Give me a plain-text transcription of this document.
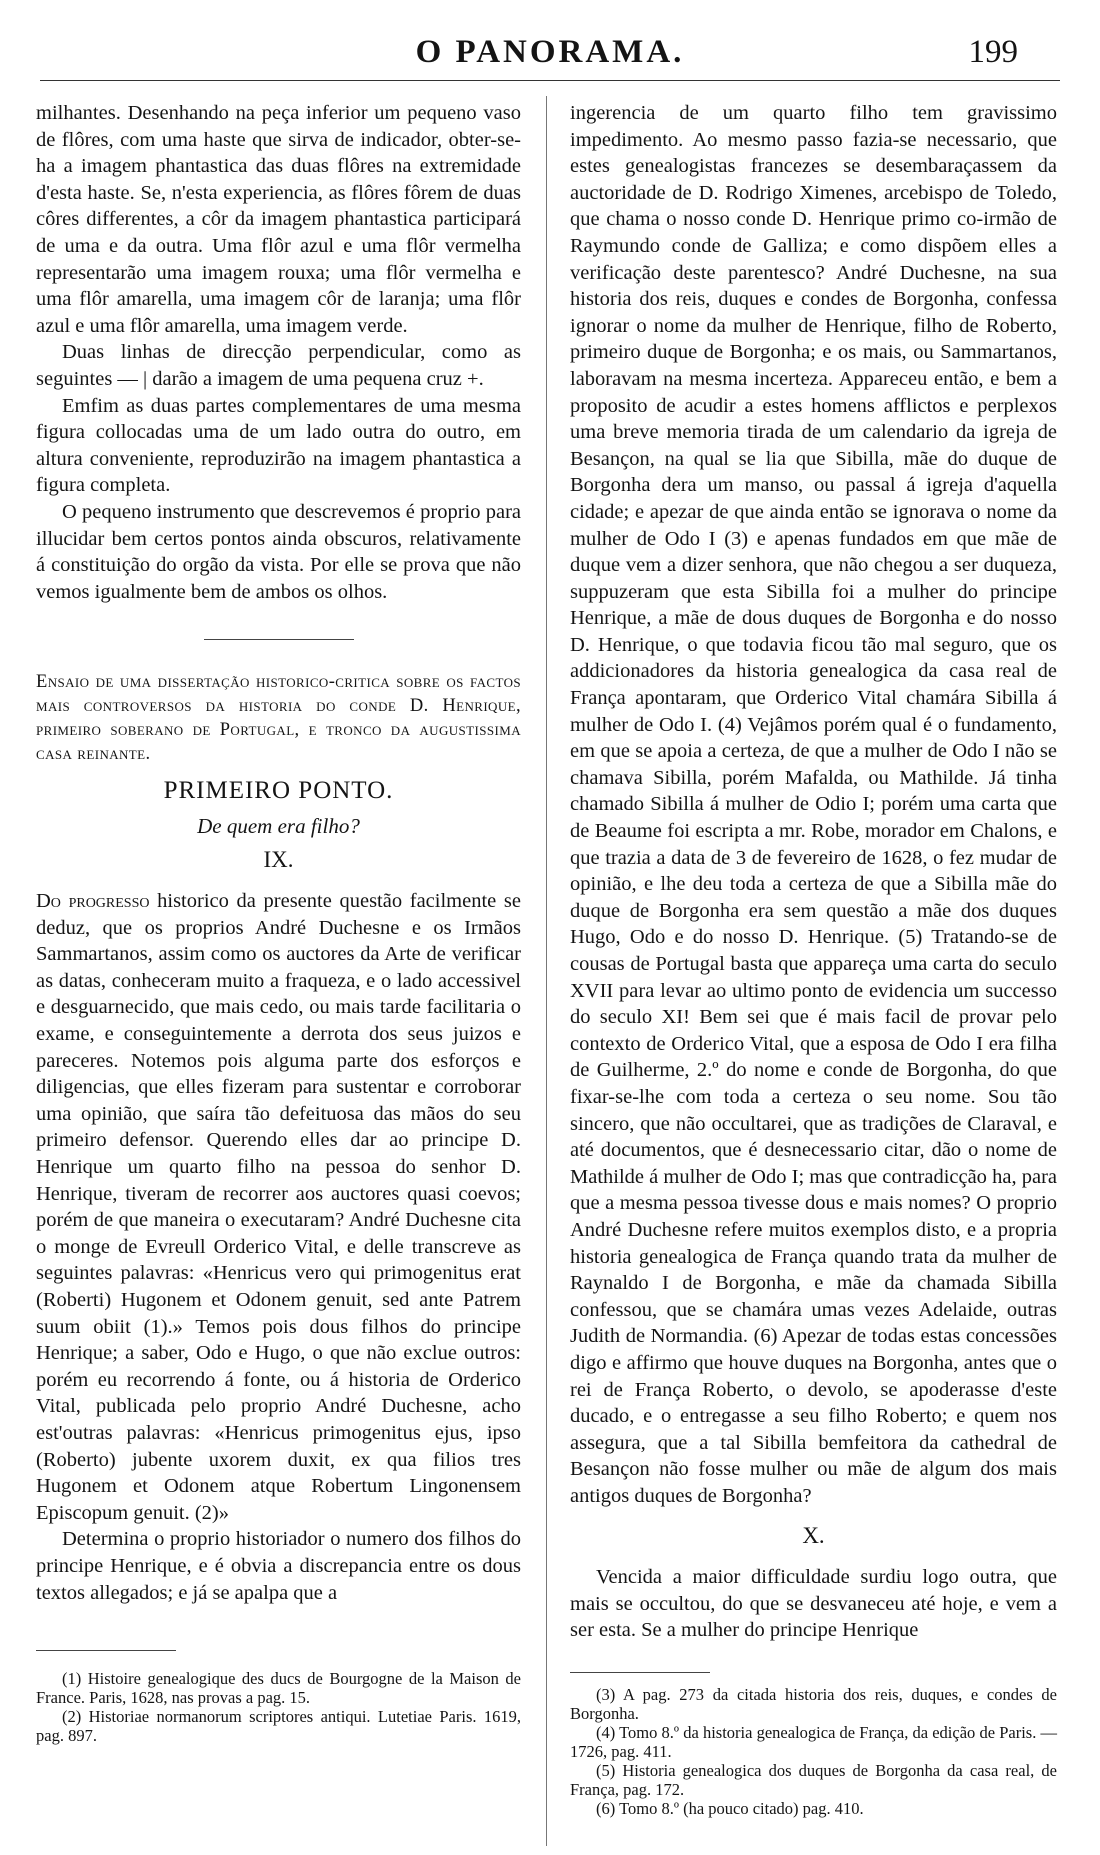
O PANORAMA.	199

milhantes. Desenhando na peça inferior um pequeno vaso de flôres, com uma haste que sirva de indicador, obter-se-ha a imagem phantastica das duas flôres na extremidade d'esta haste. Se, n'esta experiencia, as flôres fôrem de duas côres differentes, a côr da imagem phantastica participará de uma e da outra. Uma flôr azul e uma flôr vermelha representarão uma imagem rouxa; uma flôr vermelha e uma flôr amarella, uma imagem côr de laranja; uma flôr azul e uma flôr amarella, uma imagem verde.

Duas linhas de direcção perpendicular, como as seguintes — | darão a imagem de uma pequena cruz +.

Emfim as duas partes complementares de uma mesma figura collocadas uma de um lado outra do outro, em altura conveniente, reproduzirão na imagem phantastica a figura completa.

O pequeno instrumento que descrevemos é proprio para illucidar bem certos pontos ainda obscuros, relativamente á constituição do orgão da vista. Por elle se prova que não vemos igualmente bem de ambos os olhos.

Ensaio de uma dissertação historico-critica sobre os factos mais controversos da historia do conde D. Henrique, primeiro soberano de Portugal, e tronco da augustissima casa reinante.

PRIMEIRO PONTO.
De quem era filho?
IX.

Do progresso historico da presente questão facilmente se deduz, que os proprios André Duchesne e os Irmãos Sammartanos, assim como os auctores da Arte de verificar as datas, conheceram muito a fraqueza, e o lado accessivel e desguarnecido, que mais cedo, ou mais tarde facilitaria o exame, e conseguintemente a derrota dos seus juizos e pareceres. Notemos pois alguma parte dos esforços e diligencias, que elles fizeram para sustentar e corroborar uma opinião, que saíra tão defeituosa das mãos do seu primeiro defensor. Querendo elles dar ao principe D. Henrique um quarto filho na pessoa do senhor D. Henrique, tiveram de recorrer aos auctores quasi coevos; porém de que maneira o executaram? André Duchesne cita o monge de Evreull Orderico Vital, e delle transcreve as seguintes palavras: «Henricus vero qui primogenitus erat (Roberti) Hugonem et Odonem genuit, sed ante Patrem suum obiit (1).» Temos pois dous filhos do principe Henrique; a saber, Odo e Hugo, o que não exclue outros: porém eu recorrendo á fonte, ou á historia de Orderico Vital, publicada pelo proprio André Duchesne, acho est'outras palavras: «Henricus primogenitus ejus, ipso (Roberto) jubente uxorem duxit, ex qua filios tres Hugonem et Odonem atque Robertum Lingonensem Episcopum genuit. (2)»

Determina o proprio historiador o numero dos filhos do principe Henrique, e é obvia a discrepancia entre os dous textos allegados; e já se apalpa que a

(1) Histoire genealogique des ducs de Bourgogne de la Maison de France. Paris, 1628, nas provas a pag. 15.

(2) Historiae normanorum scriptores antiqui. Lutetiae Paris. 1619, pag. 897.

ingerencia de um quarto filho tem gravissimo impedimento. Ao mesmo passo fazia-se necessario, que estes genealogistas francezes se desembaraçassem da auctoridade de D. Rodrigo Ximenes, arcebispo de Toledo, que chama o nosso conde D. Henrique primo co-irmão de Raymundo conde de Galliza; e como dispõem elles a verificação deste parentesco? André Duchesne, na sua historia dos reis, duques e condes de Borgonha, confessa ignorar o nome da mulher de Henrique, filho de Roberto, primeiro duque de Borgonha; e os mais, ou Sammartanos, laboravam na mesma incerteza. Appareceu então, e bem a proposito de acudir a estes homens afflictos e perplexos uma breve memoria tirada de um calendario da igreja de Besançon, na qual se lia que Sibilla, mãe do duque de Borgonha dera um manso, ou passal á igreja d'aquella cidade; e apezar de que ainda então se ignorava o nome da mulher de Odo I (3) e apenas fundados em que mãe de duque vem a dizer senhora, que não chegou a ser duqueza, suppuzeram que esta Sibilla foi a mulher do principe Henrique, a mãe de dous duques de Borgonha e do nosso D. Henrique, o que todavia ficou tão mal seguro, que os addicionadores da historia genealogica da casa real de França apontaram, que Orderico Vital chamára Sibilla á mulher de Odo I. (4) Vejâmos porém qual é o fundamento, em que se apoia a certeza, de que a mulher de Odo I não se chamava Sibilla, porém Mafalda, ou Mathilde. Já tinha chamado Sibilla á mulher de Odio I; porém uma carta que de Beaume foi escripta a mr. Robe, morador em Chalons, e que trazia a data de 3 de fevereiro de 1628, o fez mudar de opinião, e lhe deu toda a certeza de que a Sibilla mãe do duque de Borgonha era sem questão a mãe dos duques Hugo, Odo e do nosso D. Henrique. (5) Tratando-se de cousas de Portugal basta que appareça uma carta do seculo XVII para levar ao ultimo ponto de evidencia um successo do seculo XI! Bem sei que é mais facil de provar pelo contexto de Orderico Vital, que a esposa de Odo I era filha de Guilherme, 2.º do nome e conde de Borgonha, do que fixar-se-lhe com toda a certeza o seu nome. Sou tão sincero, que não occultarei, que as tradições de Claraval, e até documentos, que é desnecessario citar, dão o nome de Mathilde á mulher de Odo I; mas que contradicção ha, para que a mesma pessoa tivesse dous e mais nomes? O proprio André Duchesne refere muitos exemplos disto, e a propria historia genealogica de França quando trata da mulher de Raynaldo I de Borgonha, e mãe da chamada Sibilla confessou, que se chamára umas vezes Adelaide, outras Judith de Normandia. (6) Apezar de todas estas concessões digo e affirmo que houve duques na Borgonha, antes que o rei de França Roberto, o devolo, se apoderasse d'este ducado, e o entregasse a seu filho Roberto; e quem nos assegura, que a tal Sibilla bemfeitora da cathedral de Besançon não fosse mulher ou mãe de algum dos mais antigos duques de Borgonha?

X.

Vencida a maior difficuldade surdiu logo outra, que mais se occultou, do que se desvaneceu até hoje, e vem a ser esta. Se a mulher do principe Henrique

(3) A pag. 273 da citada historia dos reis, duques, e condes de Borgonha.

(4) Tomo 8.º da historia genealogica de França, da edição de Paris. — 1726, pag. 411.

(5) Historia genealogica dos duques de Borgonha da casa real, de França, pag. 172.

(6) Tomo 8.º (ha pouco citado) pag. 410.
